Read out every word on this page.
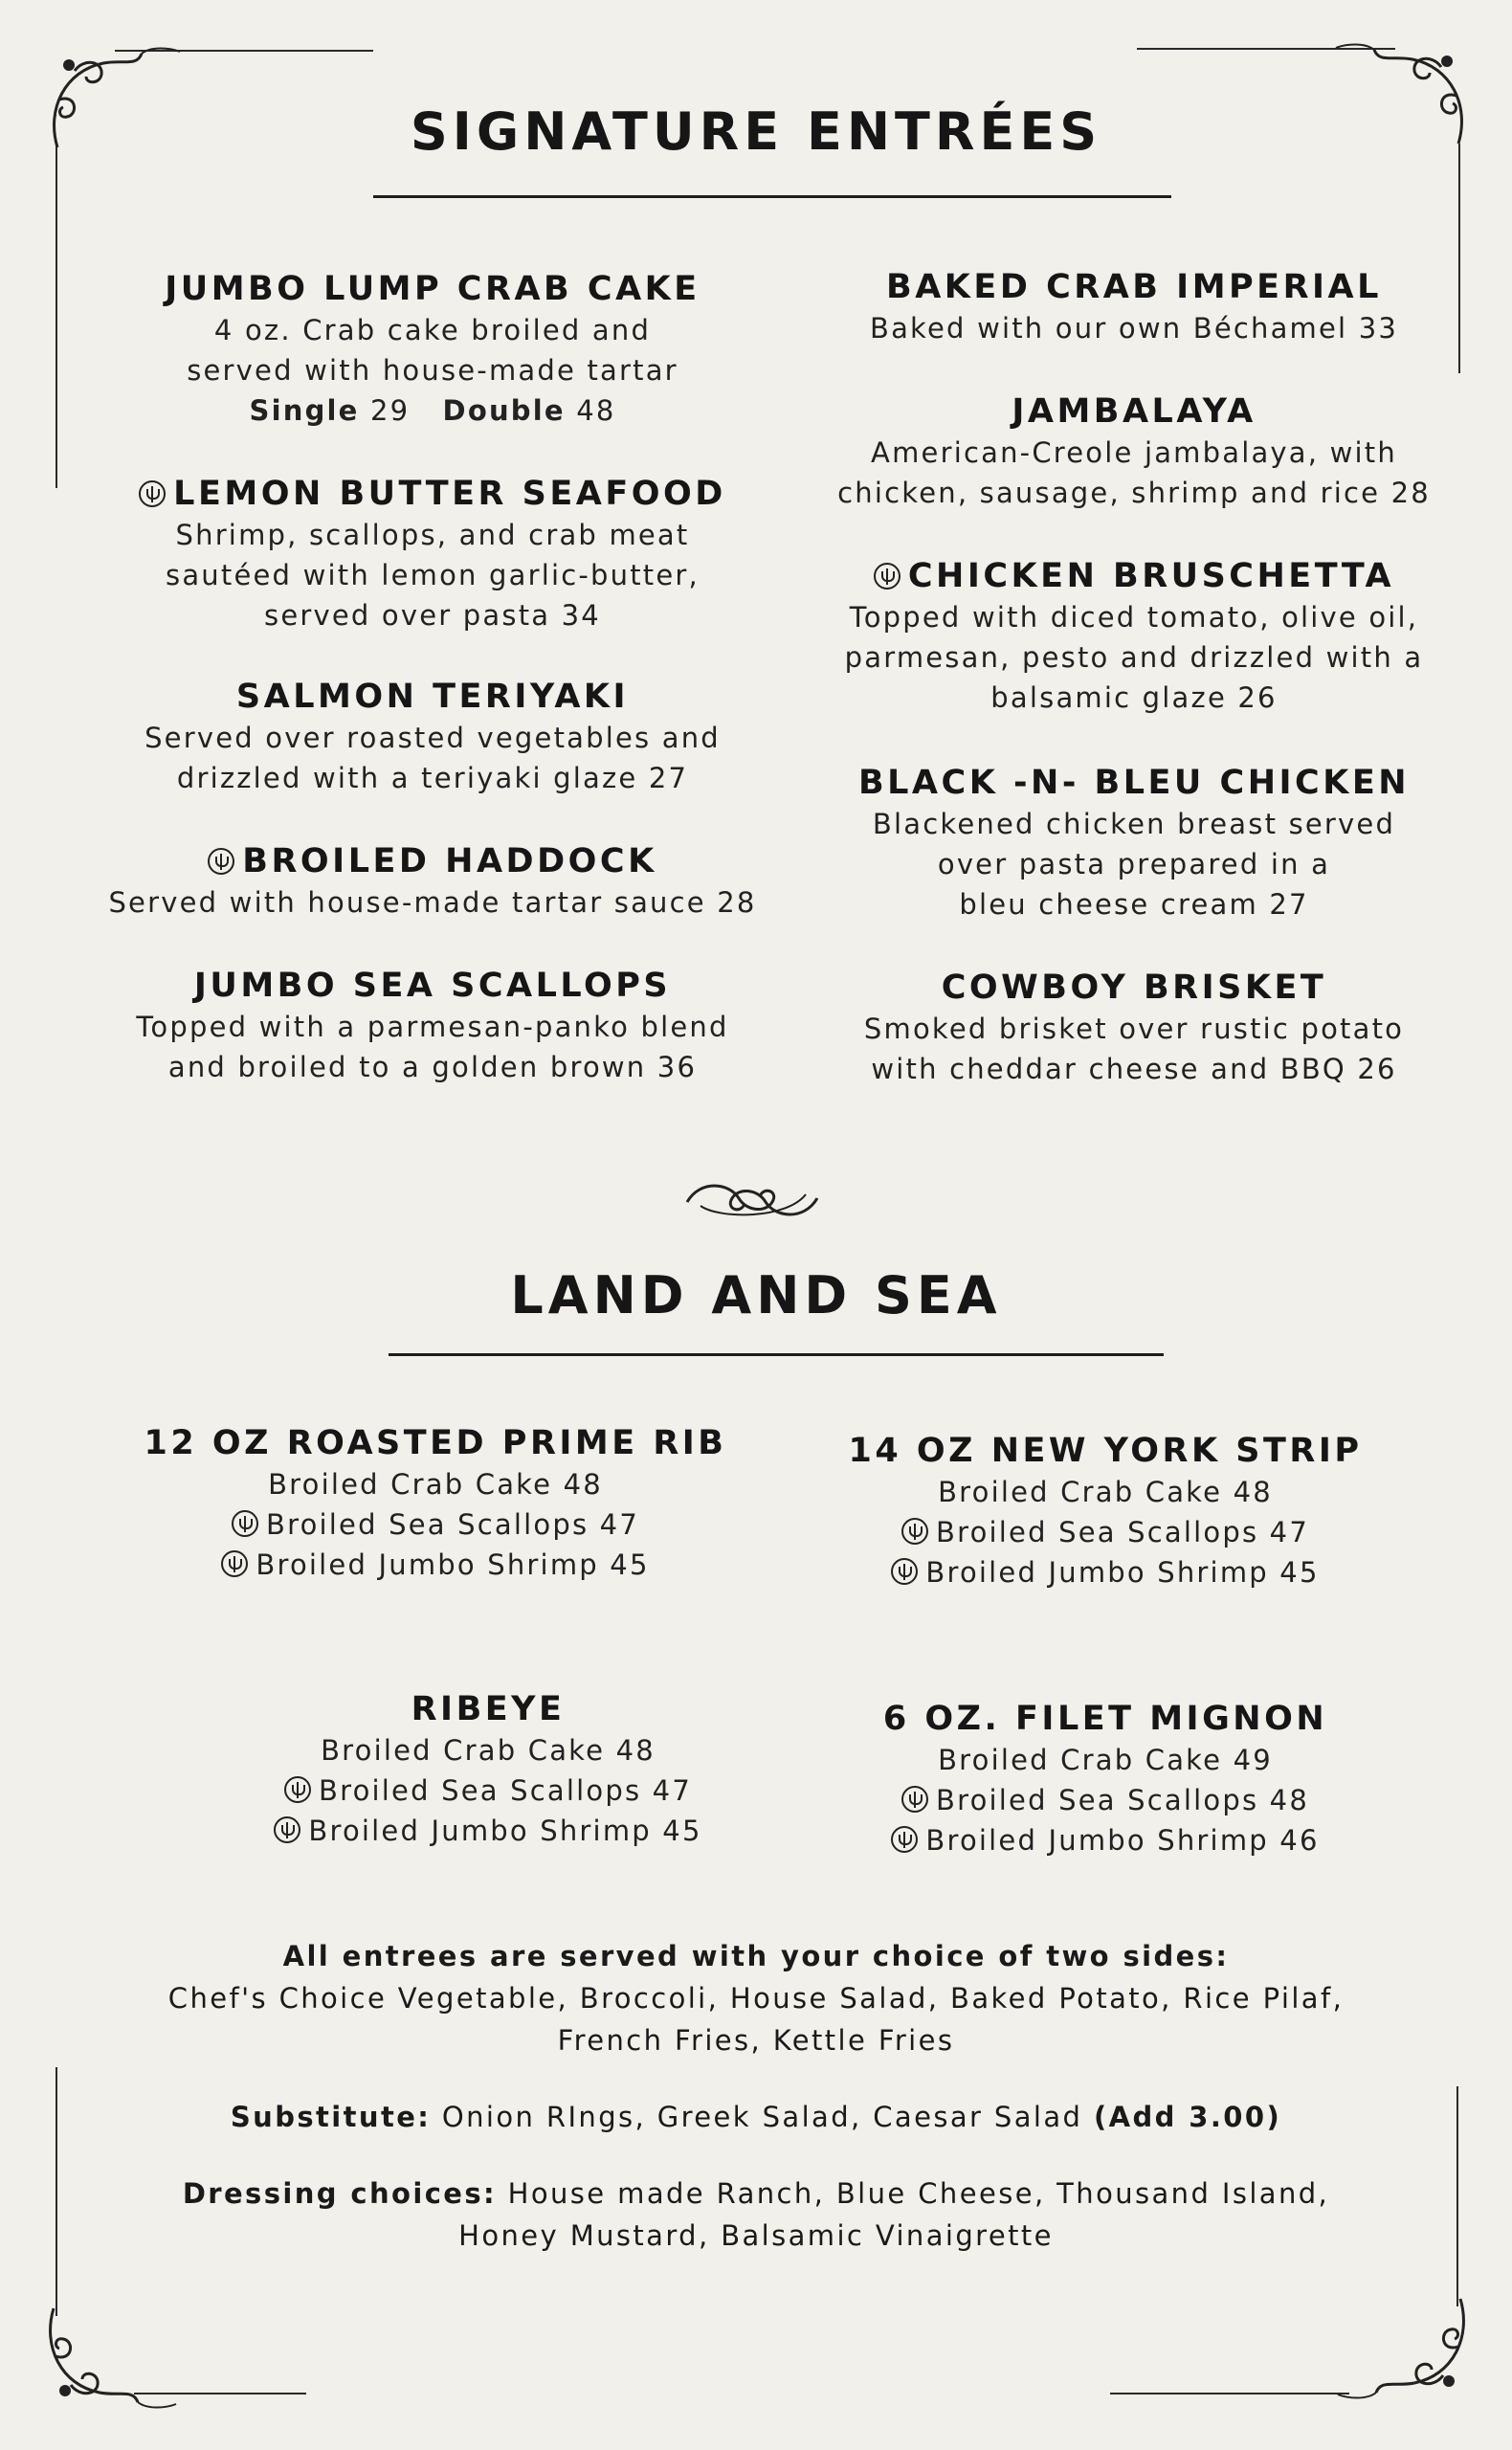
SIGNATURE ENTRÉES
JUMBO LUMP CRAB CAKE
4 oz. Crab cake broiled and
served with house-made tartar
Single 29 Double 48
LEMON BUTTER SEAFOOD
Shrimp, scallops, and crab meat
sautéed with lemon garlic-butter,
served over pasta 34
SALMON TERIYAKI
Served over roasted vegetables and
drizzled with a teriyaki glaze 27
BROILED HADDOCK
Served with house-made tartar sauce 28
JUMBO SEA SCALLOPS
Topped with a parmesan-panko blend
and broiled to a golden brown 36
BAKED CRAB IMPERIAL
Baked with our own Béchamel 33
JAMBALAYA
American-Creole jambalaya, with
chicken, sausage, shrimp and rice 28
CHICKEN BRUSCHETTA
Topped with diced tomato, olive oil,
parmesan, pesto and drizzled with a
balsamic glaze 26
BLACK -N- BLEU CHICKEN
Blackened chicken breast served
over pasta prepared in a
bleu cheese cream 27
COWBOY BRISKET
Smoked brisket over rustic potato
with cheddar cheese and BBQ 26
LAND AND SEA
12 OZ ROASTED PRIME RIB
Broiled Crab Cake 48
Broiled Sea Scallops 47
Broiled Jumbo Shrimp 45
14 OZ NEW YORK STRIP
Broiled Crab Cake 48
Broiled Sea Scallops 47
Broiled Jumbo Shrimp 45
RIBEYE
Broiled Crab Cake 48
Broiled Sea Scallops 47
Broiled Jumbo Shrimp 45
6 OZ. FILET MIGNON
Broiled Crab Cake 49
Broiled Sea Scallops 48
Broiled Jumbo Shrimp 46
All entrees are served with your choice of two sides:
Chef's Choice Vegetable, Broccoli, House Salad, Baked Potato, Rice Pilaf,
French Fries, Kettle Fries
Substitute: Onion RIngs, Greek Salad, Caesar Salad (Add 3.00)
Dressing choices: House made Ranch, Blue Cheese, Thousand Island,
Honey Mustard, Balsamic Vinaigrette
